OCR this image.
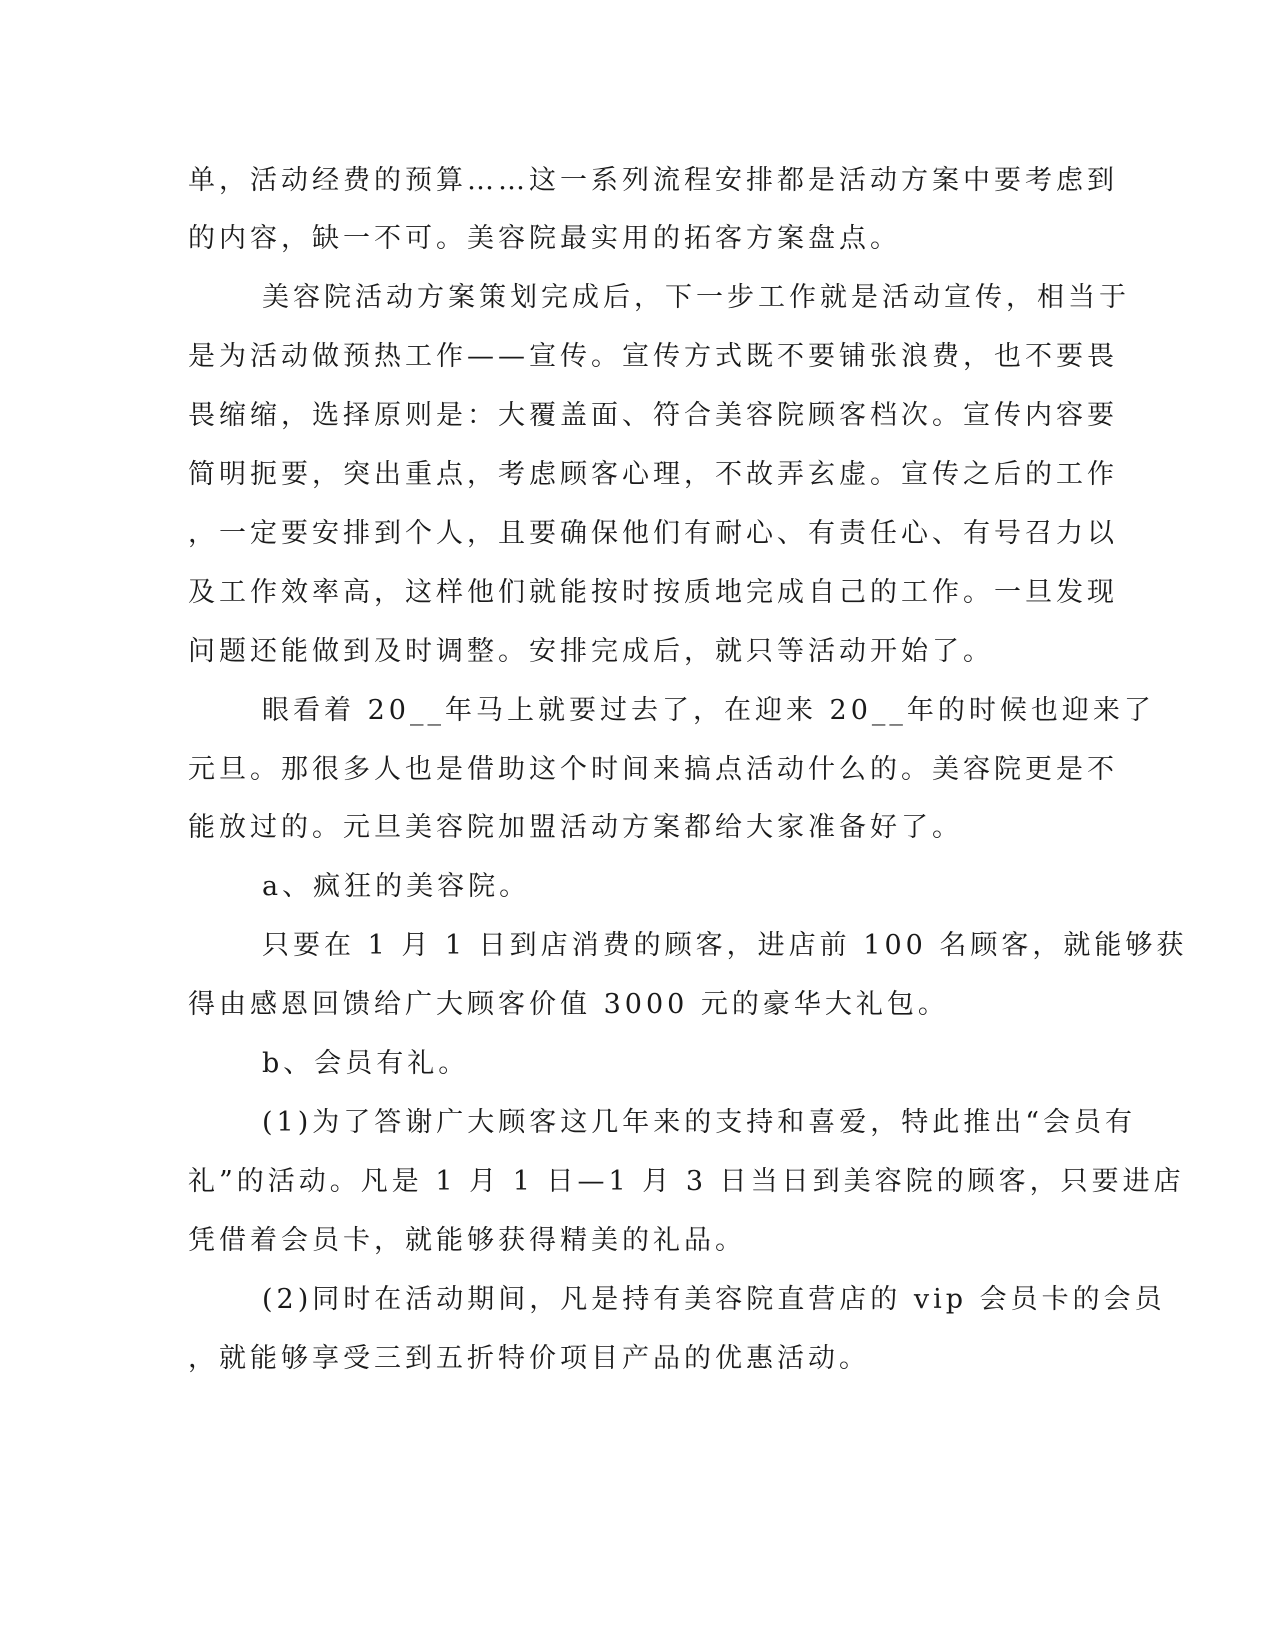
单，活动经费的预算……这一系列流程安排都是活动方案中要考虑到
的内容，缺一不可。美容院最实用的拓客方案盘点。
美容院活动方案策划完成后，下一步工作就是活动宣传，相当于
是为活动做预热工作——宣传。宣传方式既不要铺张浪费，也不要畏
畏缩缩，选择原则是：大覆盖面、符合美容院顾客档次。宣传内容要
简明扼要，突出重点，考虑顾客心理，不故弄玄虚。宣传之后的工作
，一定要安排到个人，且要确保他们有耐心、有责任心、有号召力以
及工作效率高，这样他们就能按时按质地完成自己的工作。一旦发现
问题还能做到及时调整。安排完成后，就只等活动开始了。
眼看着 20__年马上就要过去了，在迎来 20__年的时候也迎来了
元旦。那很多人也是借助这个时间来搞点活动什么的。美容院更是不
能放过的。元旦美容院加盟活动方案都给大家准备好了。
a、疯狂的美容院。
只要在 1 月 1 日到店消费的顾客，进店前 100 名顾客，就能够获
得由感恩回馈给广大顾客价值 3000 元的豪华大礼包。
b、会员有礼。
(1)为了答谢广大顾客这几年来的支持和喜爱，特此推出“会员有
礼”的活动。凡是 1 月 1 日—1 月 3 日当日到美容院的顾客，只要进店
凭借着会员卡，就能够获得精美的礼品。
(2)同时在活动期间，凡是持有美容院直营店的 vip 会员卡的会员
，就能够享受三到五折特价项目产品的优惠活动。
